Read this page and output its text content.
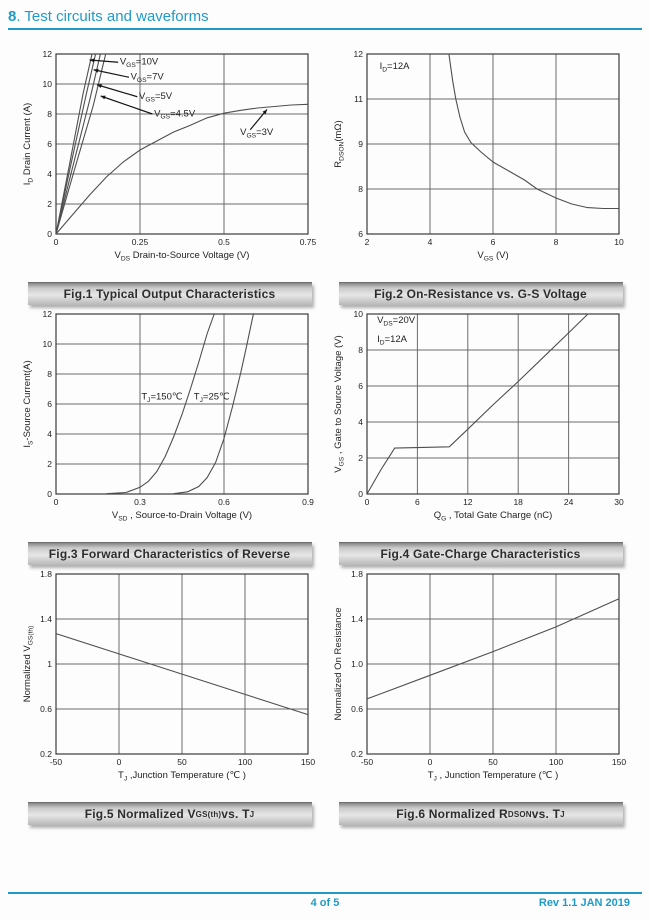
8. Test circuits and waveforms
0	0.25	0.5	0.75
0
2
4
6
8
10
12
$V_{DS}$ Drain-to-Source Voltage (V)
$I_D$ Drain Current (A)
$V_{GS}=10V$
$V_{GS}=7V$
$V_{GS}=5V$
$V_{GS}=4.5V$
$V_{GS}=3V$
Fig.1 Typical Output Characteristics
2	4	6	8	10
6
8
9
11
12
$V_{GS}$ (V)
$R_{DSON}(m\Omega)$
$I_D=12A$
Fig.2 On-Resistance vs. G-S Voltage
0	0.3	0.6	0.9
0
2
4
6
8
10
12
$V_{SD}$ , Source-to-Drain Voltage (V)
$I_S$-Source Current(A)	$T_J=150℃$ $T_J=25℃$
Fig.3 Forward Characteristics of Reverse
0	6	12	18	24	30
0
2
4
6
8
10
$Q_G$ , Total Gate Charge (nC)
$V_{GS}$ , Gate to Source Voltage (V)
$V_{DS}=20V$
$I_D=12A$
Fig.4 Gate-Charge Characteristics
-50	0	50	100	150
0.2
0.6
1
1.4
1.8
$T_J$ ,Junction Temperature (℃ )
Normalized $V_{GS(th)}$
Fig.5 Normalized V GS(th) vs. T J
-50	0	50	100	150
0.2
0.6
1.0
1.4
1.8
$T_J$ , Junction Temperature (℃ )
Normalized On Resistance
Fig.6 Normalized R DSON vs. T J
4 of 5	Rev 1.1 JAN 2019
